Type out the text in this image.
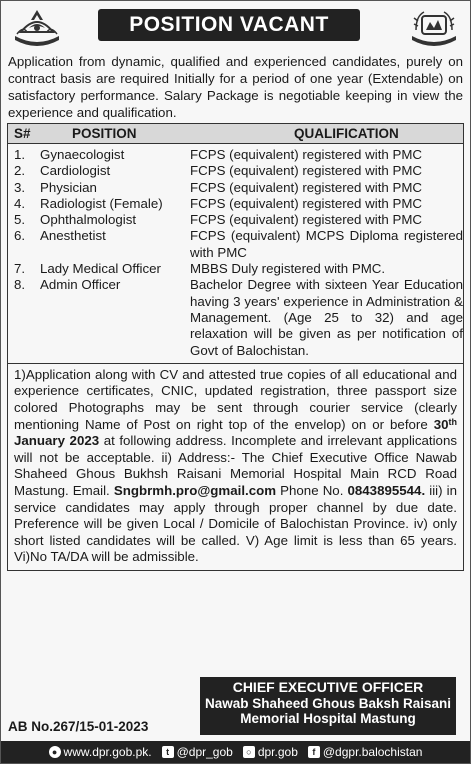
POSITION VACANT
Application from dynamic, qualified and experienced candidates, purely on contract basis are required Initially for a period of one year (Extendable) on satisfactory performance. Salary Package is negotiable keeping in view the experience and qualification.
S#	POSITION	QUALIFICATION
1.	Gynaecologist	FCPS (equivalent) registered with PMC
2.	Cardiologist	FCPS (equivalent) registered with PMC
3.	Physician	FCPS (equivalent) registered with PMC
4.	Radiologist (Female)	FCPS (equivalent) registered with PMC
5.	Ophthalmologist	FCPS (equivalent) registered with PMC
6.	Anesthetist	FCPS (equivalent) MCPS Diploma registered with PMC
7.	Lady Medical Officer	MBBS Duly registered with PMC.
8.	Admin Officer	Bachelor Degree with sixteen Year Education having 3 years' experience in Administration & Management. (Age 25 to 32) and age relaxation will be given as per notification of Govt of Balochistan.
1)Application along with CV and attested true copies of all educational and experience certificates, CNIC, updated registration, three passport size colored Photographs may be sent through courier service (clearly mentioning Name of Post on right top of the envelop) on or before 30th January 2023 at following address. Incomplete and irrelevant applications will not be acceptable. ii) Address:- The Chief Executive Office Nawab Shaheed Ghous Bukhsh Raisani Memorial Hospital Main RCD Road Mastung. Email. Sngbrmh.pro@gmail.com Phone No. 0843895544. iii) in service candidates may apply through proper channel by due date. Preference will be given Local / Domicile of Balochistan Province. iv) only short listed candidates will be called. V) Age limit is less than 65 years. Vi)No TA/DA will be admissible.
CHIEF EXECUTIVE OFFICER
Nawab Shaheed Ghous Baksh Raisani
Memorial Hospital Mastung
AB No.267/15-01-2023
● www.dpr.gob.pk.	t @dpr_gob	○ dpr.gob	f @dgpr.balochistan
